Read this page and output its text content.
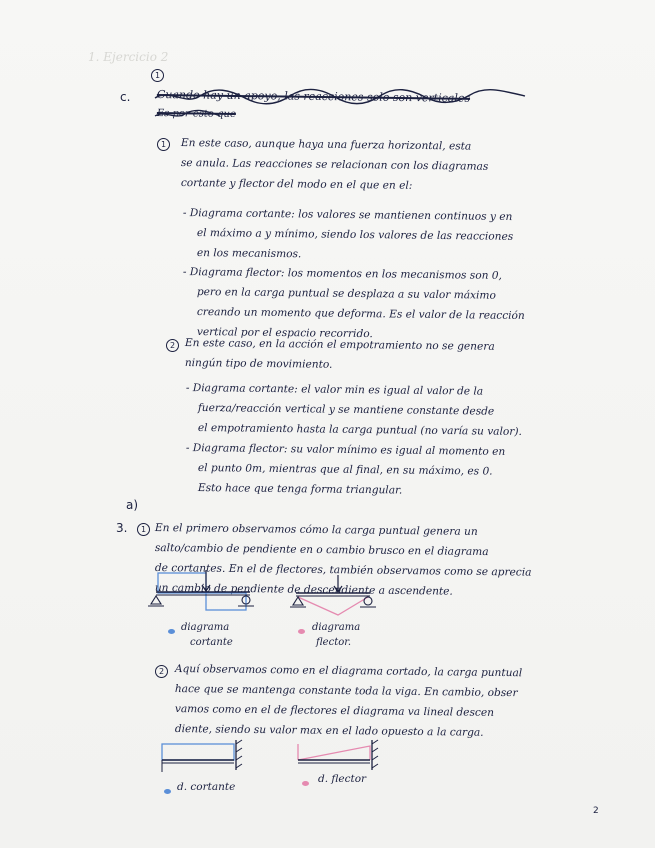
1. Ejercicio 2
1
c. Cuando hay un apoyo, las reacciones solo son verticales
Es por esto que
1	En este caso, aunque haya una fuerza horizontal, esta
se anula. Las reacciones se relacionan con los diagramas
cortante y flector del modo en el que en el:
- Diagrama cortante: los valores se mantienen continuos y en
el máximo a y mínimo, siendo los valores de las reacciones
en los mecanismos.
- Diagrama flector: los momentos en los mecanismos son 0,
pero en la carga puntual se desplaza a su valor máximo
creando un momento que deforma. Es el valor de la reacción
vertical por el espacio recorrido.
2 En este caso, en la acción el empotramiento no se genera
ningún tipo de movimiento.
- Diagrama cortante: el valor min es igual al valor de la
fuerza/reacción vertical y se mantiene constante desde
el empotramiento hasta la carga puntual (no varía su valor).
- Diagrama flector: su valor mínimo es igual al momento en
el punto 0m, mientras que al final, en su máximo, es 0.
Esto hace que tenga forma triangular.
a)
3.	1 En el primero observamos cómo la carga puntual genera un
salto/cambio de pendiente en o cambio brusco en el diagrama
de cortantes. En el de flectores, también observamos como se aprecia
un cambio de pendiente de descendiente a ascendente.
diagrama
cortante
diagrama
flector.
2	Aquí observamos como en el diagrama cortado, la carga puntual
hace que se mantenga constante toda la viga. En cambio, obser
vamos como en el de flectores el diagrama va lineal descen
diente, siendo su valor max en el lado opuesto a la carga.
d. cortante
d. flector
2
